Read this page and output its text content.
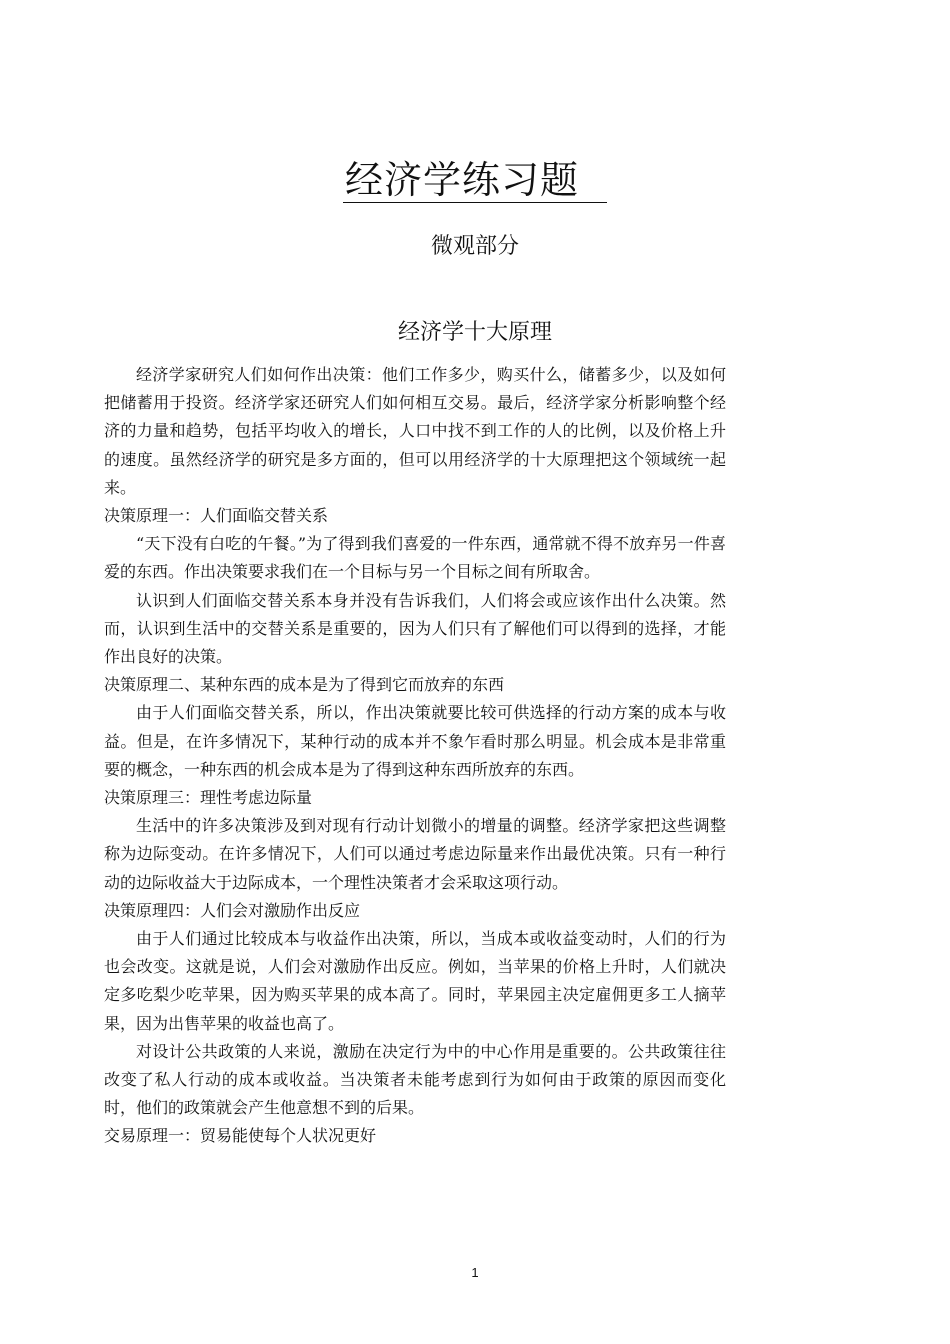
经济学练习题
微观部分
经济学十大原理

经济学家研究人们如何作出决策：他们工作多少，购买什么，储蓄多少，以及如何把储蓄用于投资。经济学家还研究人们如何相互交易。最后，经济学家分析影响整个经济的力量和趋势，包括平均收入的增长，人口中找不到工作的人的比例，以及价格上升的速度。虽然经济学的研究是多方面的，但可以用经济学的十大原理把这个领域统一起来。

决策原理一：人们面临交替关系

“天下没有白吃的午餐。”为了得到我们喜爱的一件东西，通常就不得不放弃另一件喜爱的东西。作出决策要求我们在一个目标与另一个目标之间有所取舍。

认识到人们面临交替关系本身并没有告诉我们，人们将会或应该作出什么决策。然而，认识到生活中的交替关系是重要的，因为人们只有了解他们可以得到的选择，才能作出良好的决策。

决策原理二、某种东西的成本是为了得到它而放弃的东西

由于人们面临交替关系，所以，作出决策就要比较可供选择的行动方案的成本与收益。但是，在许多情况下，某种行动的成本并不象乍看时那么明显。机会成本是非常重要的概念，一种东西的机会成本是为了得到这种东西所放弃的东西。

决策原理三：理性考虑边际量

生活中的许多决策涉及到对现有行动计划微小的增量的调整。经济学家把这些调整称为边际变动。在许多情况下，人们可以通过考虑边际量来作出最优决策。只有一种行动的边际收益大于边际成本，一个理性决策者才会采取这项行动。

决策原理四：人们会对激励作出反应

由于人们通过比较成本与收益作出决策，所以，当成本或收益变动时，人们的行为也会改变。这就是说，人们会对激励作出反应。例如，当苹果的价格上升时，人们就决定多吃梨少吃苹果，因为购买苹果的成本高了。同时，苹果园主决定雇佣更多工人摘苹果，因为出售苹果的收益也高了。

对设计公共政策的人来说，激励在决定行为中的中心作用是重要的。公共政策往往改变了私人行动的成本或收益。当决策者未能考虑到行为如何由于政策的原因而变化时，他们的政策就会产生他意想不到的后果。

交易原理一：贸易能使每个人状况更好

1
